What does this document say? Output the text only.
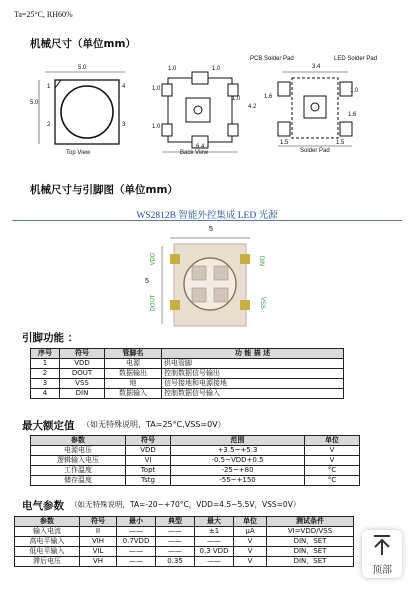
Ta=25°C, RH60%
机械尺寸（单位mm）
5.0
5.0
1
2	3
4
Top View
1.0	1.0
1.0
1.0
1.0
6.4
Back View
PCB Solder Pad	LED Solder Pad
3.4
1.0
1.6
4.2
1.6
1.5	1.5
Solder Pad
机械尺寸与引脚图（单位mm）
WS2812B 智能外控集成 LED 光源
5
5
VDD
DOUT
DIN
VSS
引脚功能 ：
序号	符号	管脚名	功 能 描 述
1	VDD	电源	供电管脚
2	DOUT	数据输出	控制数据信号输出
3	VSS	地	信号接地和电源接地
4	DIN	数据输入	控制数据信号输入
最大额定值 （如无特殊说明，TA=25°C,VSS=0V）
参数	符号	范围	单位
电源电压	VDD	+3.5~+5.3	V
逻辑输入电压	VI	-0.5~VDD+0.5	V
工作温度	Topt	-25~+80	°C
储存温度	Tstg	-55~+150	°C
电气参数 （如无特殊说明，TA=-20~+70°C，VDD=4.5~5.5V，VSS=0V）
参数	符号	最小	典型	最大	单位	测试条件
输入电流	II	——	——	±1	μA	VI=VDD/VSS
高电平输入	VIH	0.7VDD	——	——	V	DIN，SET
低电平输入	VIL	——	——	0.3 VDD	V	DIN，SET
滞后电压	VH	——	0.35	——	V	DIN，SET
顶部
